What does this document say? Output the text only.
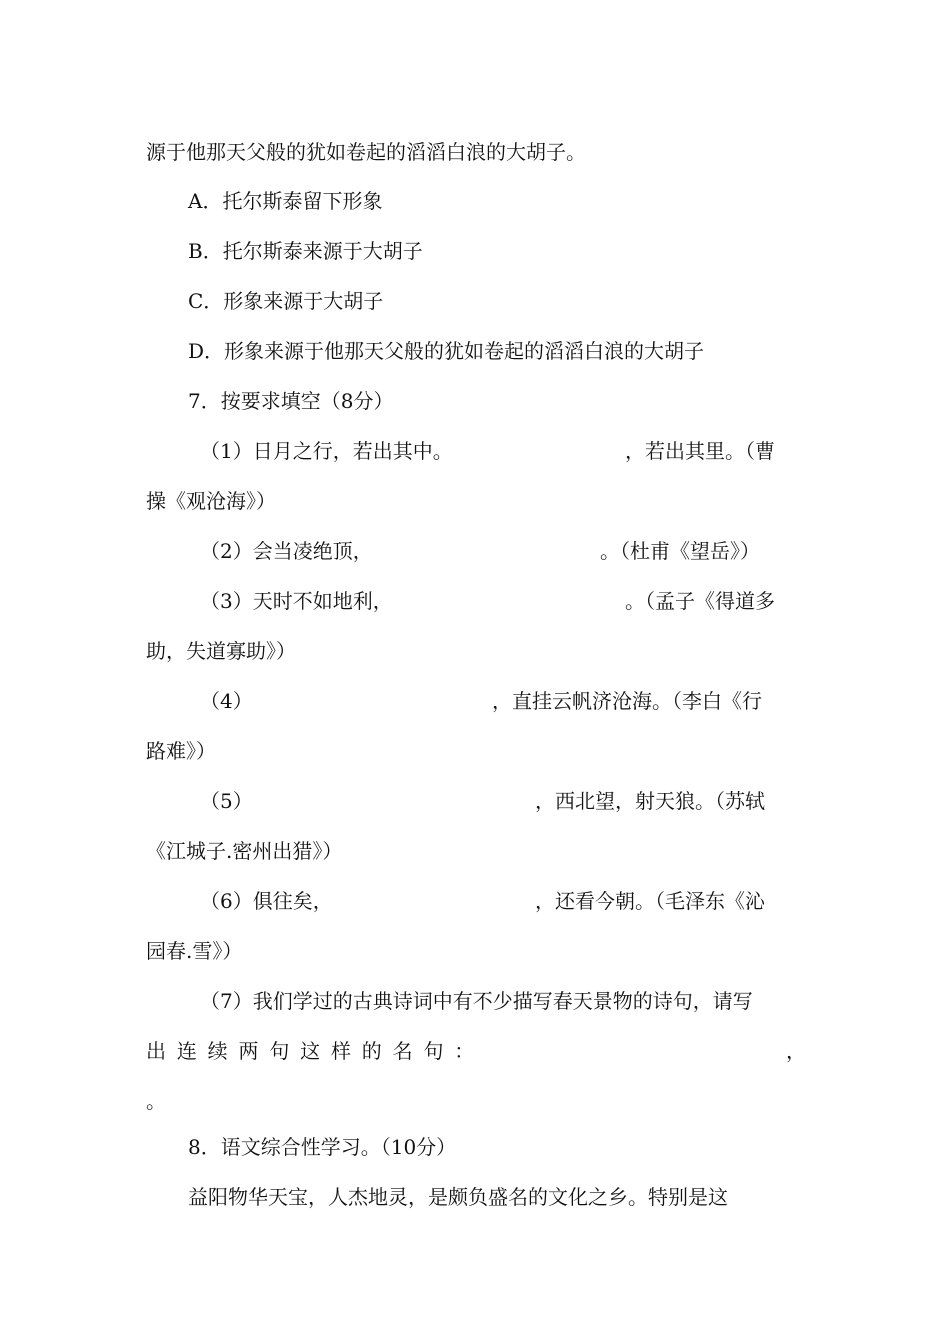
源于他那天父般的犹如卷起的滔滔白浪的大胡子。
A．托尔斯泰留下形象
B．托尔斯泰来源于大胡子
C．形象来源于大胡子
D．形象来源于他那天父般的犹如卷起的滔滔白浪的大胡子
7．按要求填空（8分）
（1）日月之行，若出其中。	，若出其里。（曹
操《观沧海》）
（2）会当凌绝顶，	。（杜甫《望岳》）
（3）天时不如地利，	。（孟子《得道多
助，失道寡助》）
（4）	，直挂云帆济沧海。（李白《行
路难》）
（5）	，西北望，射天狼。（苏轼
《江城子.密州出猎》）
（6）俱往矣，	，还看今朝。（毛泽东《沁
园春.雪》）
（7）我们学过的古典诗词中有不少描写春天景物的诗句，请写
出 连 续 两 句 这 样 的 名 句 ：	，
。
8．语文综合性学习。（10分）
益阳物华天宝，人杰地灵，是颇负盛名的文化之乡。特别是这
